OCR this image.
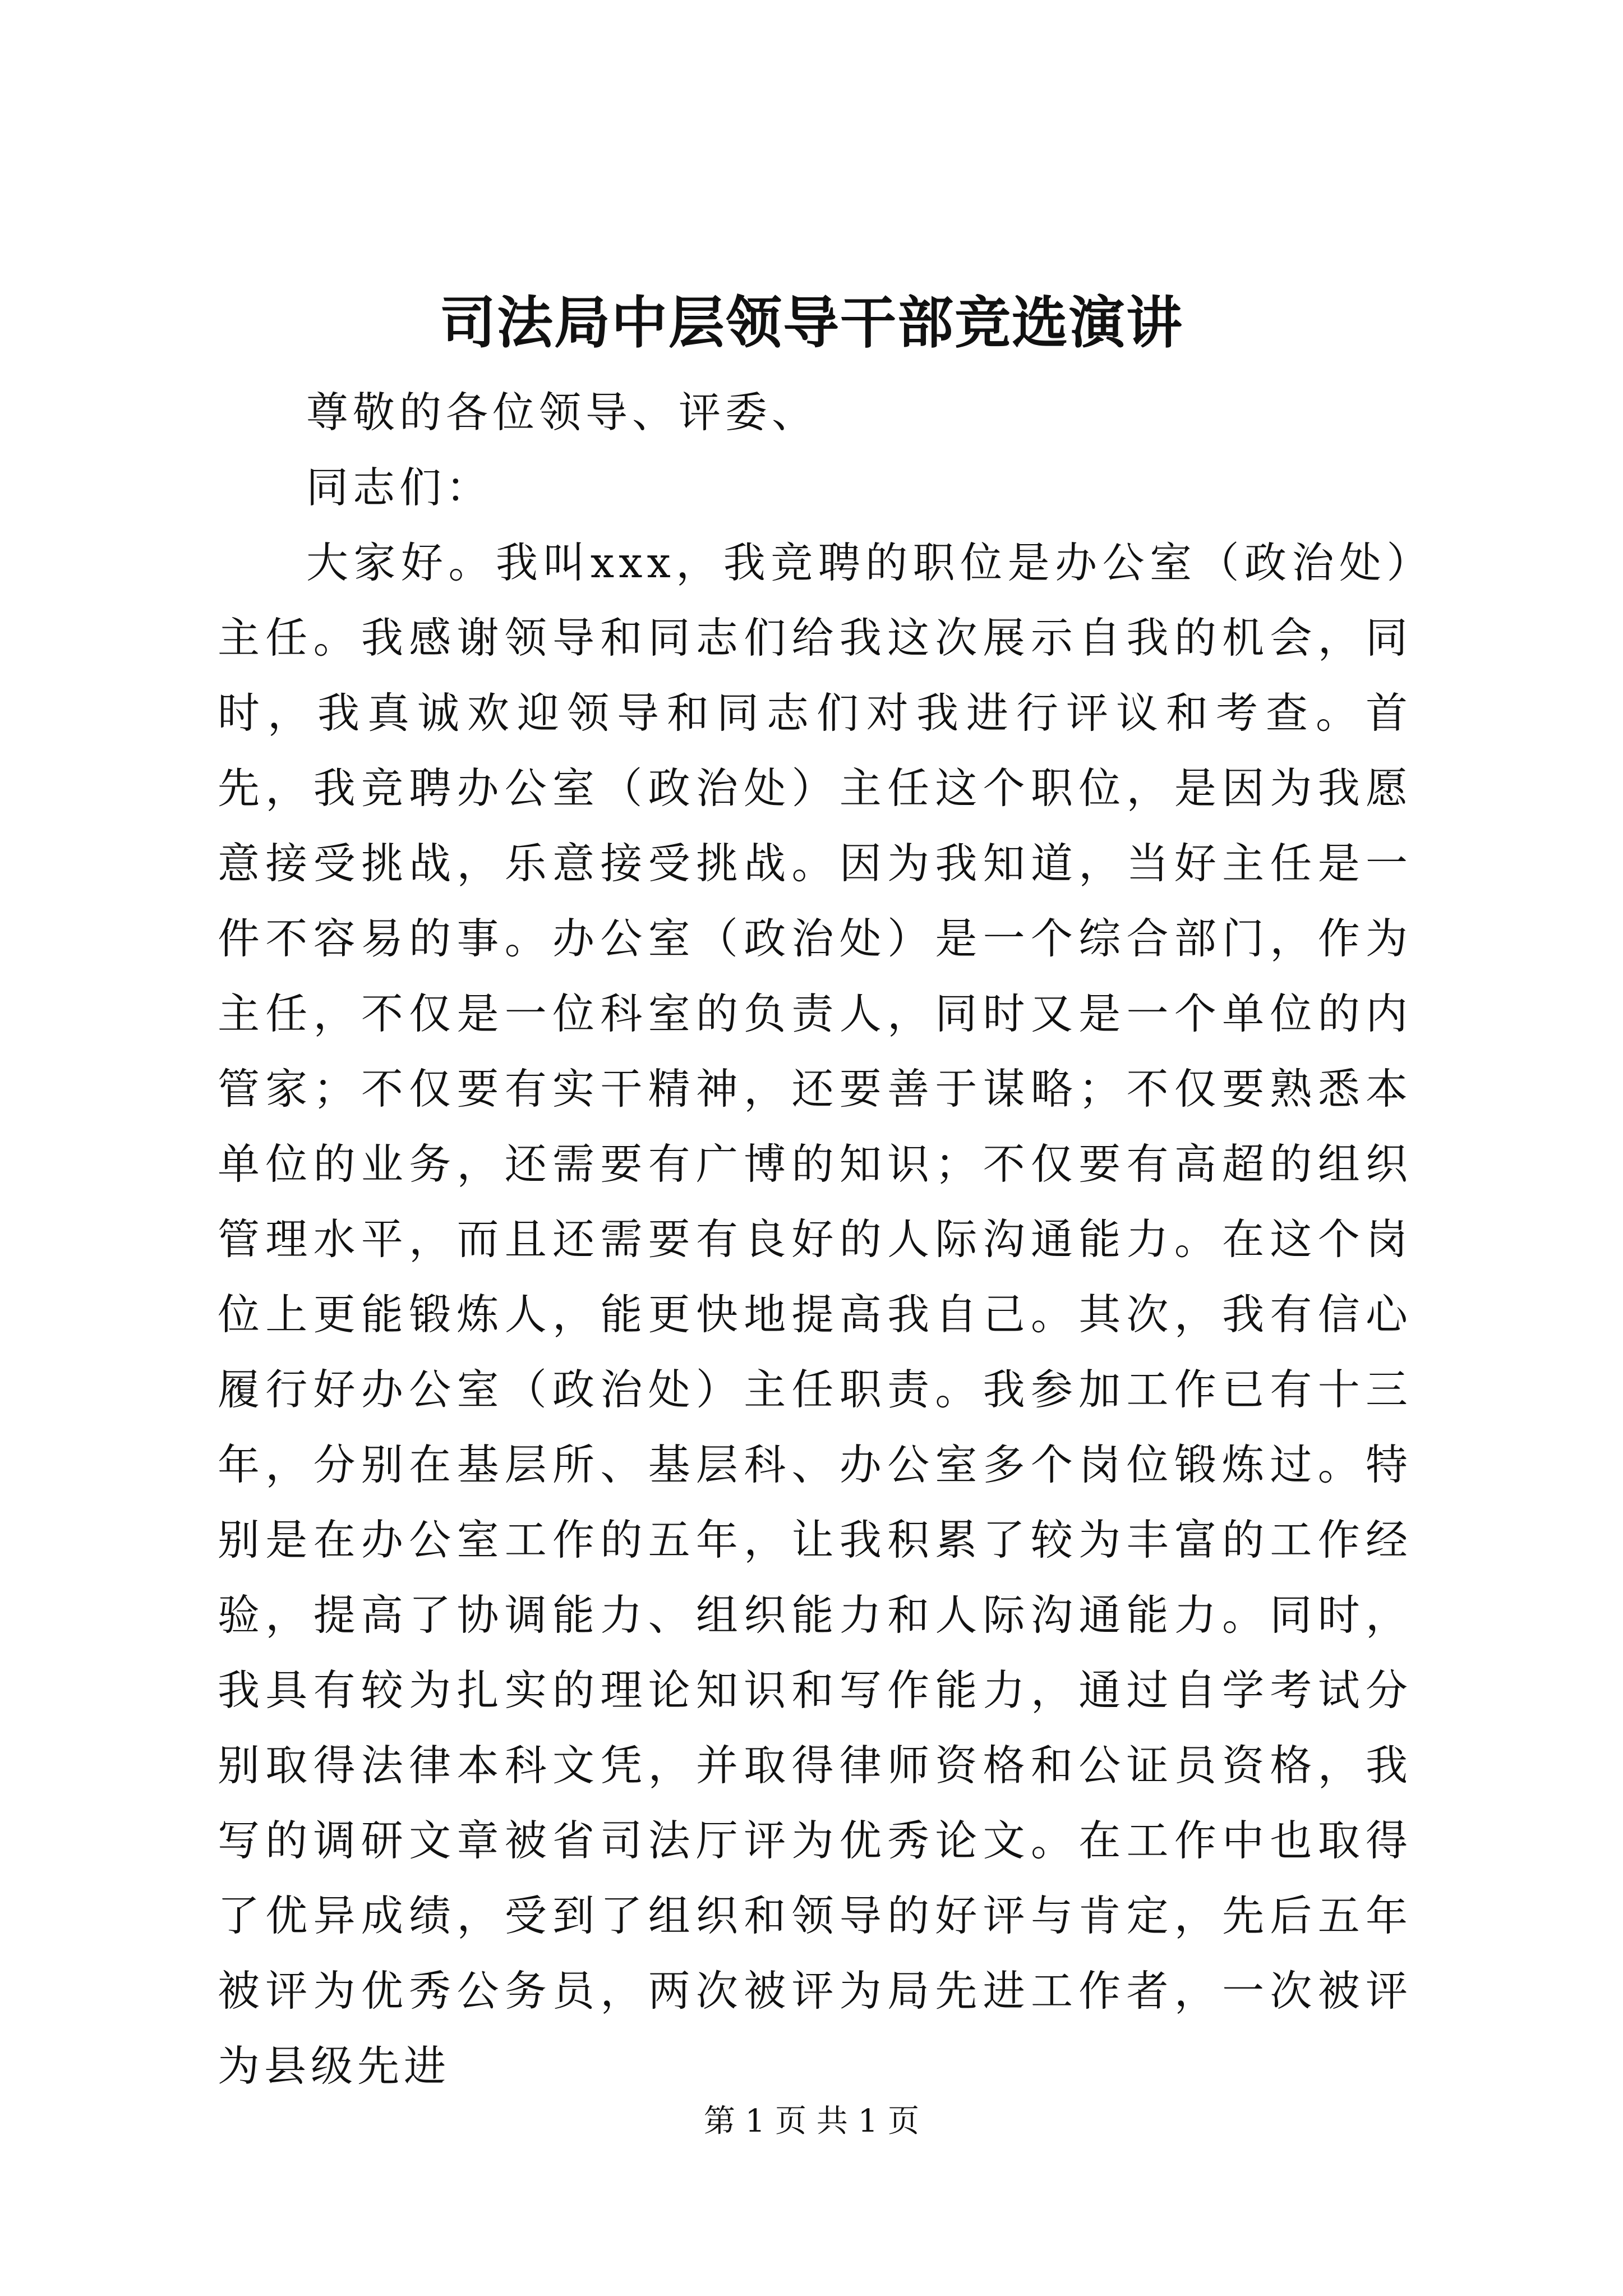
司法局中层领导干部竞选演讲

尊敬的各位领导、评委、

同志们：

大家好。我叫xxx，我竞聘的职位是办公室（政治处）主任。我感谢领导和同志们给我这次展示自我的机会，同时，我真诚欢迎领导和同志们对我进行评议和考查。首先，我竞聘办公室（政治处）主任这个职位，是因为我愿意接受挑战，乐意接受挑战。因为我知道，当好主任是一件不容易的事。办公室（政治处）是一个综合部门，作为主任，不仅是一位科室的负责人，同时又是一个单位的内管家；不仅要有实干精神，还要善于谋略；不仅要熟悉本单位的业务，还需要有广博的知识；不仅要有高超的组织管理水平，而且还需要有良好的人际沟通能力。在这个岗位上更能锻炼人，能更快地提高我自己。其次，我有信心履行好办公室（政治处）主任职责。我参加工作已有十三年，分别在基层所、基层科、办公室多个岗位锻炼过。特别是在办公室工作的五年，让我积累了较为丰富的工作经验，提高了协调能力、组织能力和人际沟通能力。同时，我具有较为扎实的理论知识和写作能力，通过自学考试分别取得法律本科文凭，并取得律师资格和公证员资格，我写的调研文章被省司法厅评为优秀论文。在工作中也取得了优异成绩，受到了组织和领导的好评与肯定，先后五年被评为优秀公务员，两次被评为局先进工作者，一次被评为县级先进

第 1 页 共 1 页
